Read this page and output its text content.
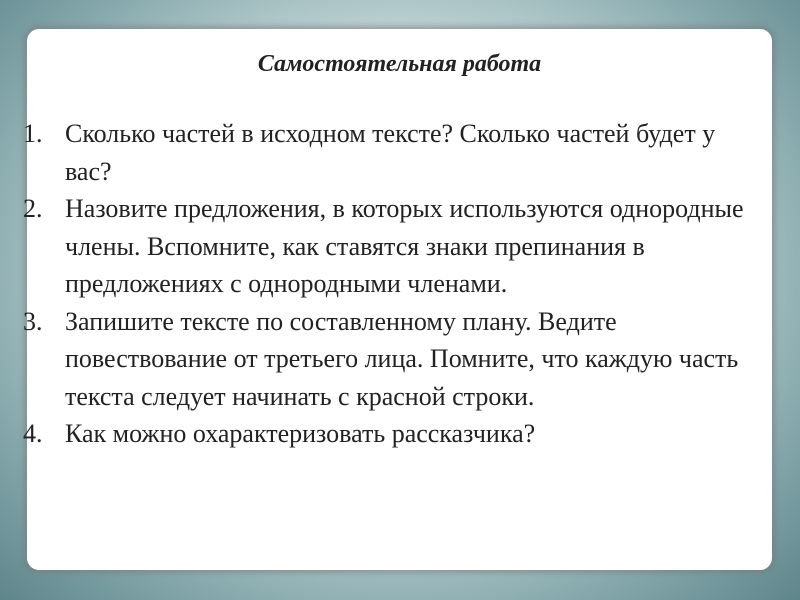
Самостоятельная работа
1. Сколько частей в исходном тексте? Сколько частей будет у вас?
2. Назовите предложения, в которых используются однородные члены. Вспомните, как ставятся знаки препинания в предложениях с однородными членами.
3. Запишите тексте по составленному плану. Ведите повествование от третьего лица. Помните, что каждую часть текста следует начинать с красной строки.
4. Как можно охарактеризовать рассказчика?
